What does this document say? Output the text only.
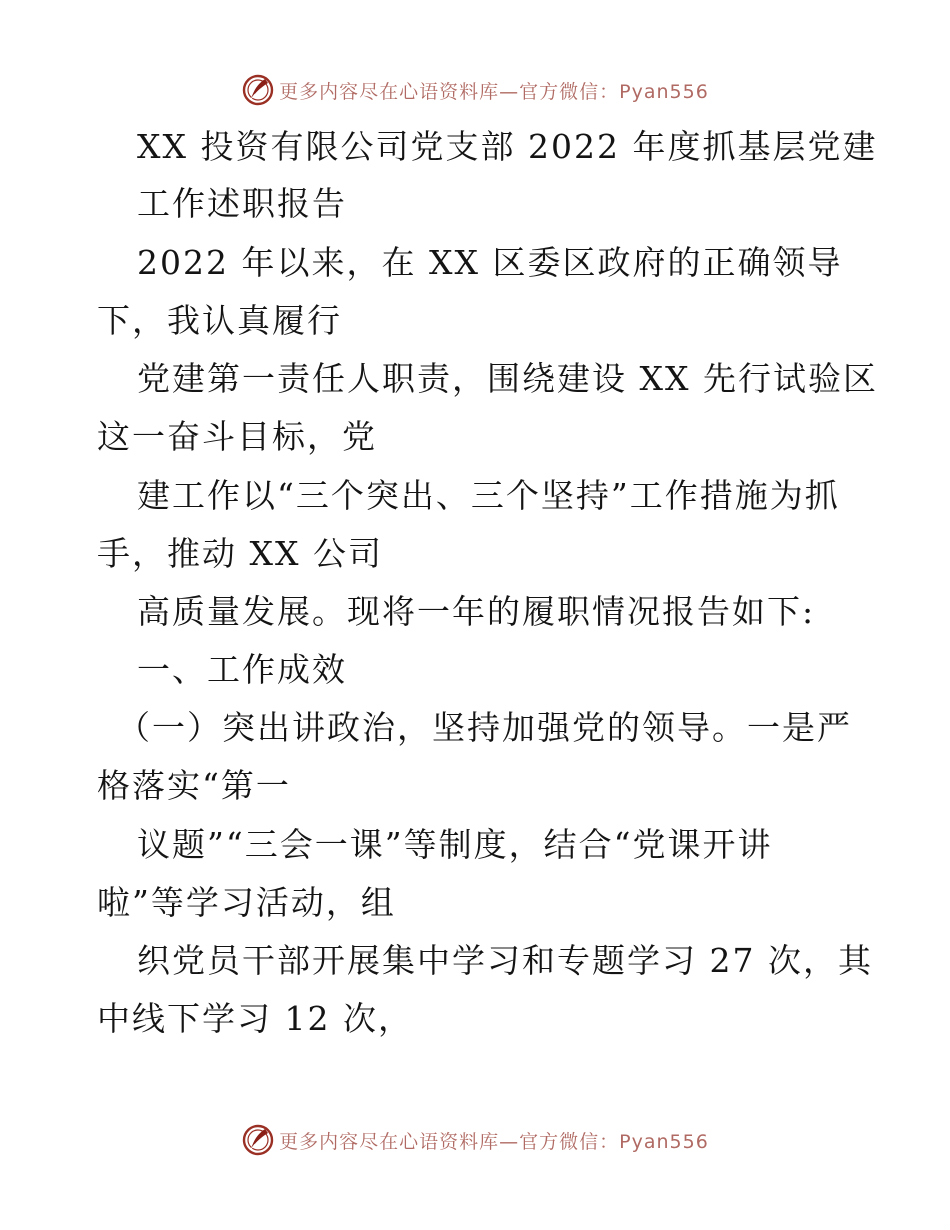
更多内容尽在心语资料库—官方微信：Pyan556
XX 投资有限公司党支部 2022 年度抓基层党建
工作述职报告
2022 年以来，在 XX 区委区政府的正确领导
下，我认真履行
党建第一责任人职责，围绕建设 XX 先行试验区
这一奋斗目标，党
建工作以“三个突出、三个坚持”工作措施为抓
手，推动 XX 公司
高质量发展。现将一年的履职情况报告如下:
一、工作成效
（一）突出讲政治，坚持加强党的领导。一是严
格落实“第一
议题”“三会一课”等制度，结合“党课开讲
啦”等学习活动，组
织党员干部开展集中学习和专题学习 27 次，其
中线下学习 12 次，
更多内容尽在心语资料库—官方微信：Pyan556
